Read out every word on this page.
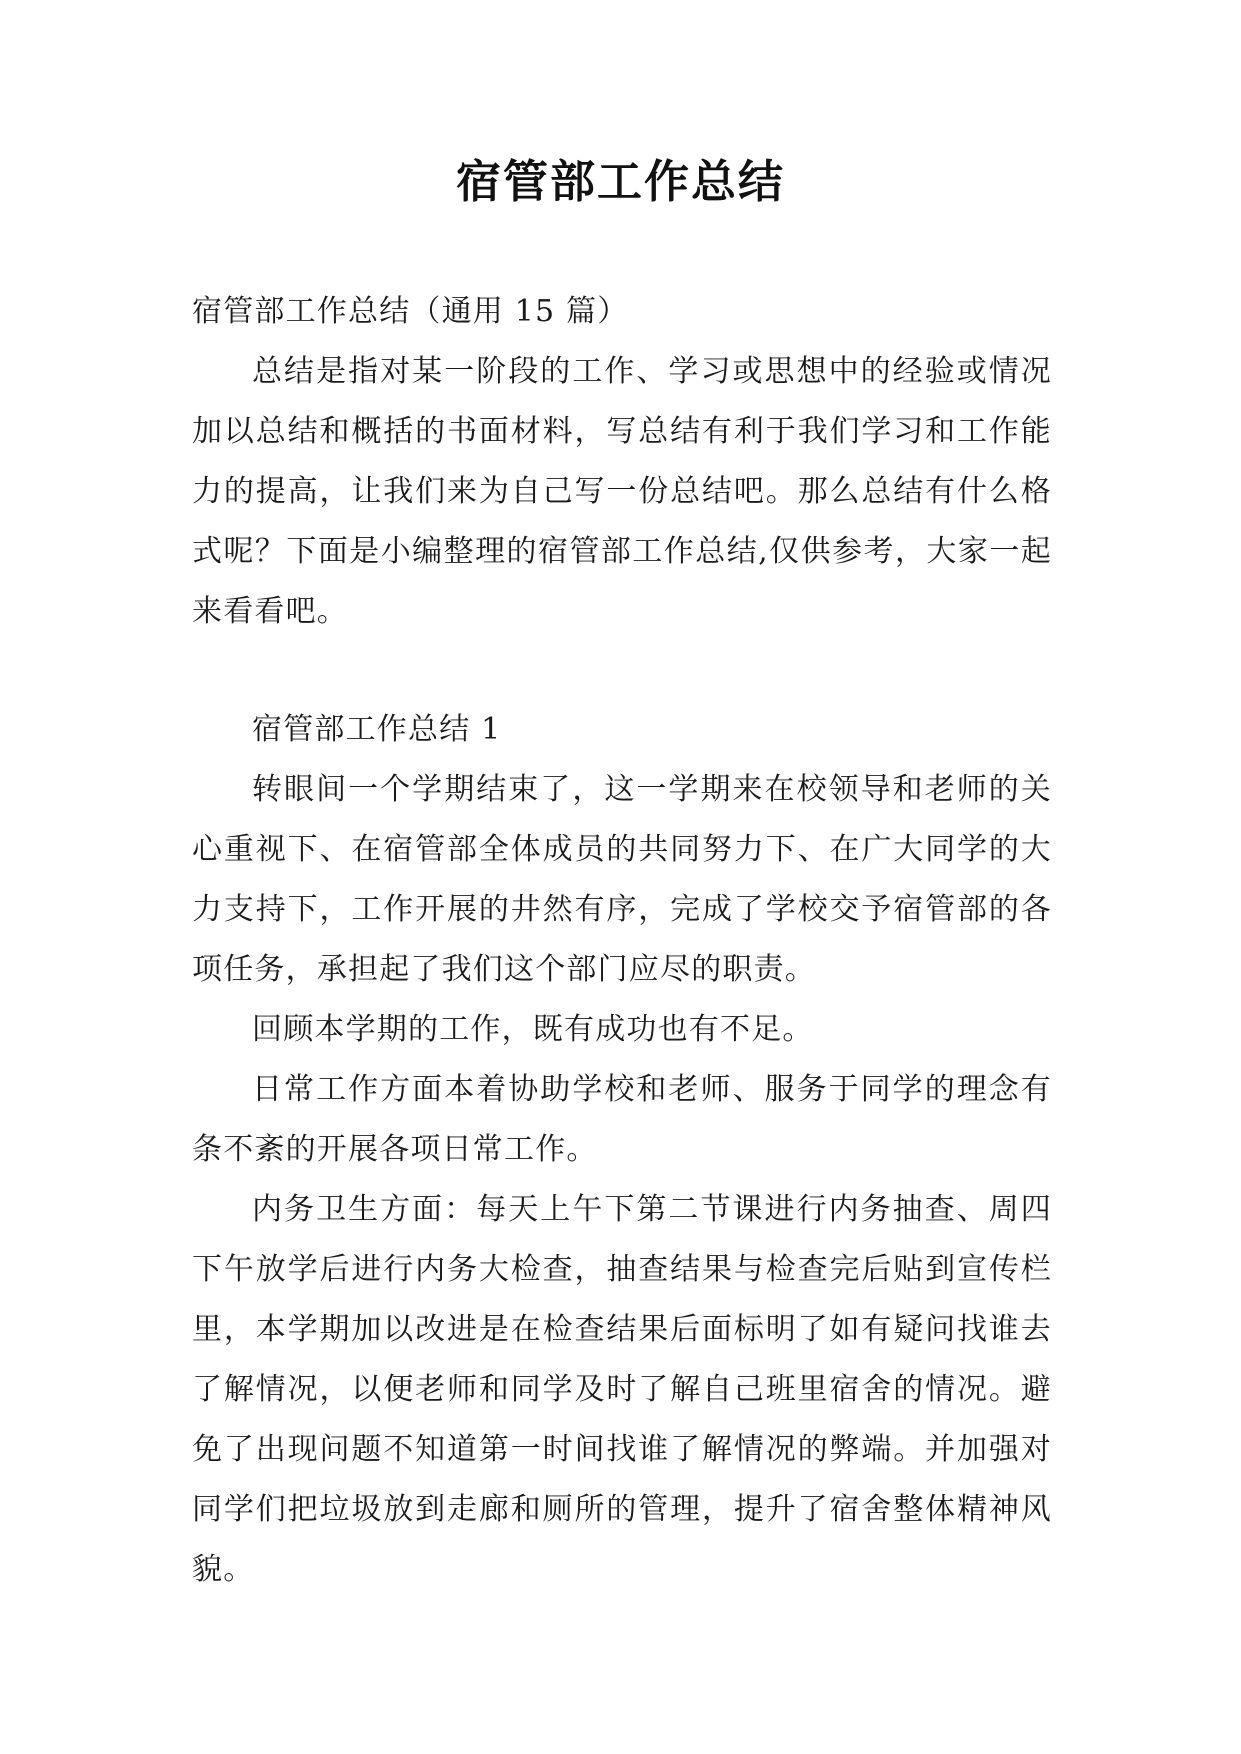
宿管部工作总结
宿管部工作总结（通用 15 篇）

总结是指对某一阶段的工作、学习或思想中的经验或情况加以总结和概括的书面材料，写总结有利于我们学习和工作能力的提高，让我们来为自己写一份总结吧。那么总结有什么格式呢？下面是小编整理的宿管部工作总结,仅供参考，大家一起来看看吧。

宿管部工作总结 1

转眼间一个学期结束了，这一学期来在校领导和老师的关心重视下、在宿管部全体成员的共同努力下、在广大同学的大力支持下，工作开展的井然有序，完成了学校交予宿管部的各项任务，承担起了我们这个部门应尽的职责。

回顾本学期的工作，既有成功也有不足。

日常工作方面本着协助学校和老师、服务于同学的理念有条不紊的开展各项日常工作。

内务卫生方面：每天上午下第二节课进行内务抽查、周四下午放学后进行内务大检查，抽查结果与检查完后贴到宣传栏里，本学期加以改进是在检查结果后面标明了如有疑问找谁去了解情况，以便老师和同学及时了解自己班里宿舍的情况。避免了出现问题不知道第一时间找谁了解情况的弊端。并加强对同学们把垃圾放到走廊和厕所的管理，提升了宿舍整体精神风貌。
